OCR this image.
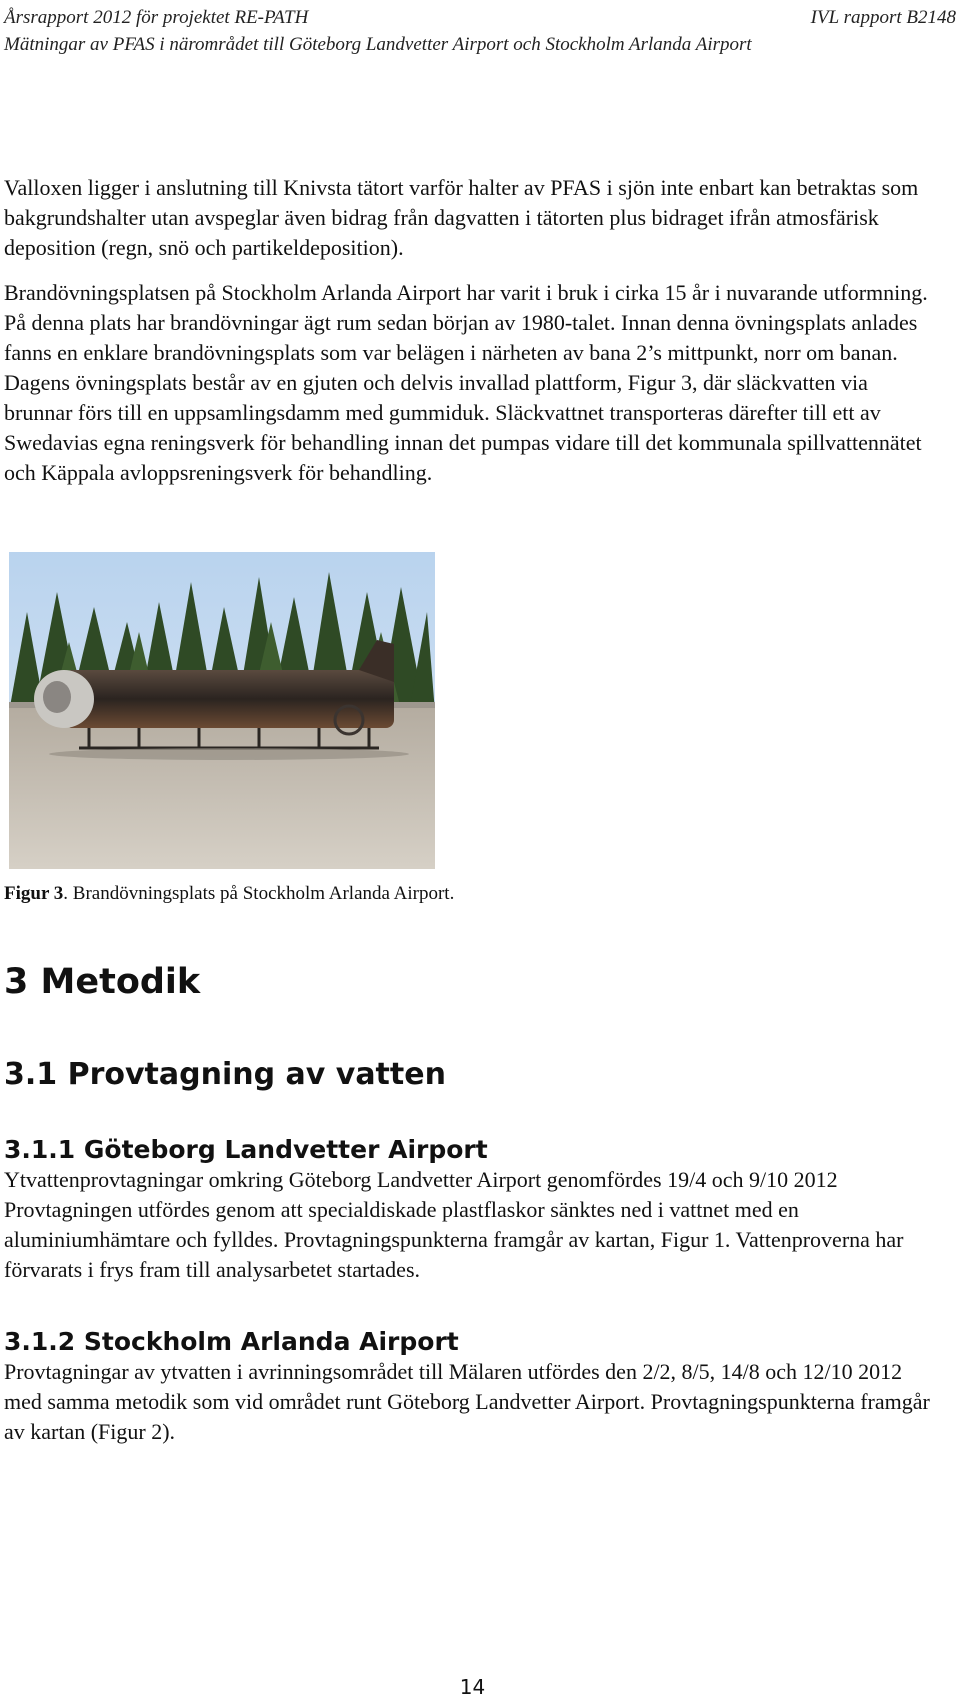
Årsrapport 2012 för projektet RE-PATH	IVL rapport B2148
Mätningar av PFAS i närområdet till Göteborg Landvetter Airport och Stockholm Arlanda Airport

Valloxen ligger i anslutning till Knivsta tätort varför halter av PFAS i sjön inte enbart kan betraktas som bakgrundshalter utan avspeglar även bidrag från dagvatten i tätorten plus bidraget ifrån atmosfärisk deposition (regn, snö och partikeldeposition).

Brandövningsplatsen på Stockholm Arlanda Airport har varit i bruk i cirka 15 år i nuvarande utformning. På denna plats har brandövningar ägt rum sedan början av 1980-talet. Innan denna övningsplats anlades fanns en enklare brandövningsplats som var belägen i närheten av bana 2’s mittpunkt, norr om banan. Dagens övningsplats består av en gjuten och delvis invallad plattform, Figur 3, där släckvatten via brunnar förs till en uppsamlingsdamm med gummiduk. Släckvattnet transporteras därefter till ett av Swedavias egna reningsverk för behandling innan det pumpas vidare till det kommunala spillvattennätet och Käppala avloppsreningsverk för behandling.

Figur 3. Brandövningsplats på Stockholm Arlanda Airport.
3 Metodik
3.1 Provtagning av vatten
3.1.1 Göteborg Landvetter Airport

Ytvattenprovtagningar omkring Göteborg Landvetter Airport genomfördes 19/4 och 9/10 2012 Provtagningen utfördes genom att specialdiskade plastflaskor sänktes ned i vattnet med en aluminiumhämtare och fylldes. Provtagningspunkterna framgår av kartan, Figur 1. Vattenproverna har förvarats i frys fram till analysarbetet startades.

3.1.2 Stockholm Arlanda Airport

Provtagningar av ytvatten i avrinningsområdet till Mälaren utfördes den 2/2, 8/5, 14/8 och 12/10 2012 med samma metodik som vid området runt Göteborg Landvetter Airport. Provtagningspunkterna framgår av kartan (Figur 2).

14
